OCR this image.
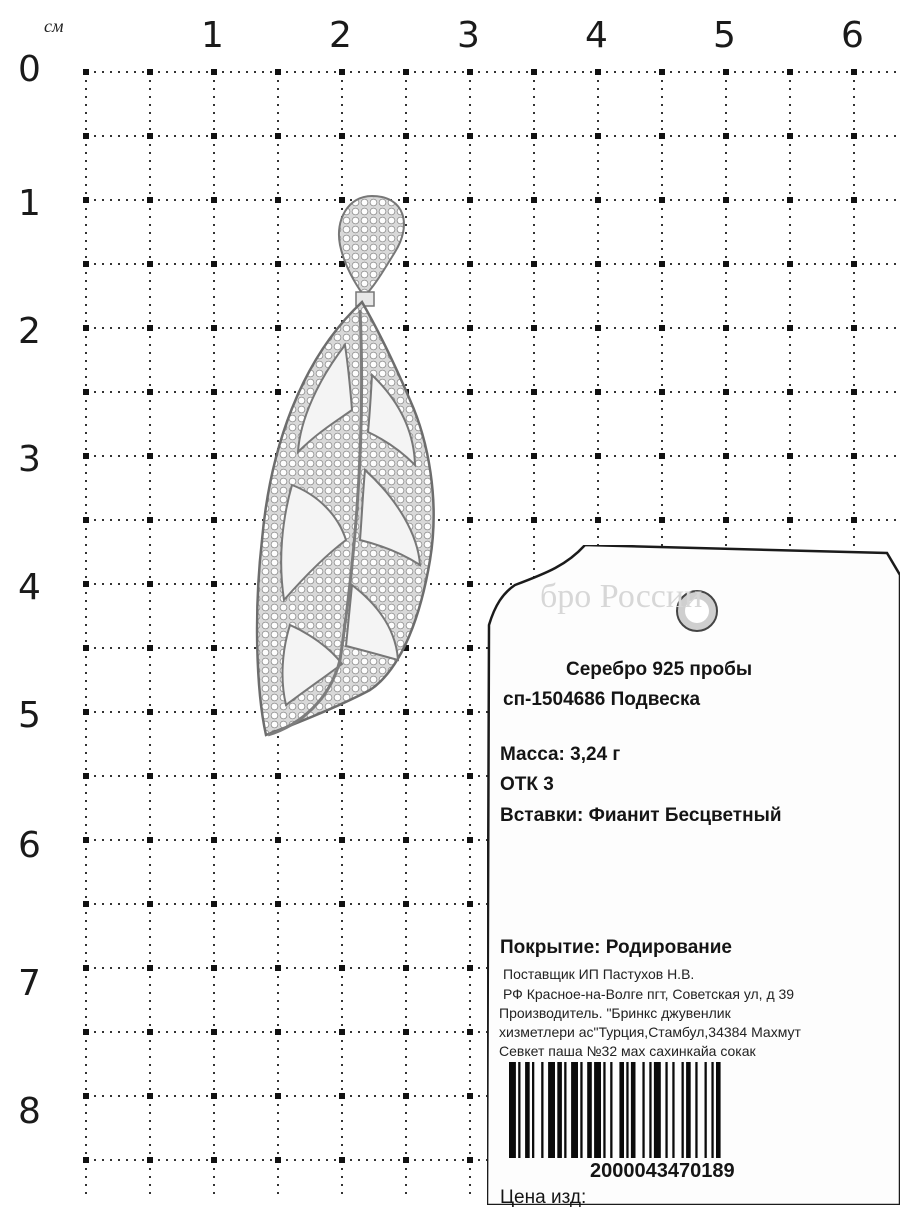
см	1	2	3	4	5	6
0
1
2
3
4
5
6
7
8
бро России
Серебро 925 пробы
сп-1504686 Подвеска
Масса: 3,24 г
ОТК 3
Вставки: Фианит Бесцветный
Покрытие: Родирование
Поставщик ИП Пастухов Н.В.
РФ Красное-на-Волге пгт, Советская ул, д 39
Производитель. "Бринкс джувенлик
хизметлери ас"Турция,Стамбул,34384 Махмут
Севкет паша №32 мах сахинкайа сокак
2000043470189
Цена изд:
